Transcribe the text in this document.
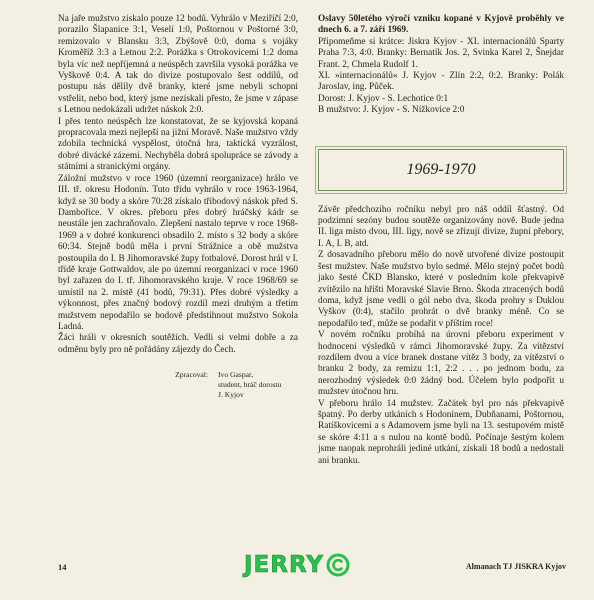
Na jaře mužstvo získalo pouze 12 bodů. Vyhrálo v Meziříčí 2:0, porazilo Šlapanice 3:1, Veselí 1:0, Poštornou v Poštorné 3:0, remizovalo v Blansku 3:3, Zbýšově 0:0, doma s vojáky Kroměříž 3:3 a Letnou 2:2. Porážka s Otrokovicemi 1:2 doma byla víc než nepříjemná a neúspěch završila vysoká porážka ve Vyškově 0:4. A tak do divize postupovalo šest oddílů, od postupu nás dělily dvě branky, které jsme nebyli schopni vstřelit, nebo bod, který jsme nezískali přesto, že jsme v zápase s Letnou nedokázali udržet náskok 2:0.

I přes tento neúspěch lze konstatovat, že se kyjovská kopaná propracovala mezi nejlepší na jižní Moravě. Naše mužstvo vždy zdobila technická vyspělost, útočná hra, taktická vyzrálost, dobré divácké zázemí. Nechyběla dobrá spolupráce se závody a státními a stranickými orgány.

Záložní mužstvo v roce 1960 (územní reorganizace) hrálo ve III. tř. okresu Hodonín. Tuto třídu vyhrálo v roce 1963-1964, když se 30 body a skóre 70:28 získalo třibodový náskok před S. Dambořice. V okres. přeboru přes dobrý hráčský kádr se neustále jen zachraňovalo. Zlepšení nastalo teprve v roce 1968-1969 a v dobré konkurenci obsadilo 2. místo s 32 body a skóre 60:34. Stejně bodů měla i první Strážnice a obě mužstva postoupila do I. B Jihomoravské župy fotbalové. Dorost hrál v I. třídě kraje Gottwaldov, ale po územní reorganizaci v roce 1960 byl zařazen do I. tř. Jihomoravského kraje. V roce 1968/69 se umístil na 2. místě (41 bodů, 79:31). Přes dobré výsledky a výkonnost, přes značný bodový rozdíl mezi druhým a třetím mužstvem nepodařilo se bodově předstihnout mužstvo Sokola Ladná.

Žáci hráli v okresních soutěžích. Vedli si velmi dobře a za odměnu byly pro ně pořádány zájezdy do Čech.

Zpracoval: Ivo Gaspar,
student, hráč dorostu
J. Kyjov

Oslavy 50letého výročí vzniku kopané v Kyjově proběhly ve dnech 6. a 7. září 1969.

Připomeňme si krátce: Jiskra Kyjov - XI. internacionálů Sparty Praha 7:3, 4:0. Branky: Bernatík Jos. 2, Svinka Karel 2, Šnejdar Frant. 2, Chmela Rudolf 1.

XI. »internacionálů« J. Kyjov - Zlín 2:2, 0:2. Branky: Polák Jaroslav, ing. Půček.

Dorost: J. Kyjov - S. Lechotice 0:1

B mužstvo: J. Kyjov - S. Nížkovice 2:0

1969-1970

Závěr předchozího ročníku nebyl pro náš oddíl šťastný. Od podzimní sezóny budou soutěže organizovány nově. Bude jedna II. liga místo dvou, III. ligy, nově se zřizují divize, župní přebory, I. A, I. B, atd.

Z dosavadního přeboru mělo do nově utvořené divize postoupit šest mužstev. Naše mužstvo bylo sedmé. Mělo stejný počet bodů jako šesté ČKD Blansko, které v posledním kole překvapivě zvítězilo na hřišti Moravské Slavie Brno. Škoda ztracených bodů doma, když jsme vedli o gól nebo dva, škoda prohry s Duklou Vyškov (0:4), stačilo prohrát o dvě branky méně. Co se nepodařilo teď, může se podařit v příštím roce!

V novém ročníku probíhá na úrovni přeboru experiment v hodnocení výsledků v rámci Jihomoravské župy. Za vítězství rozdílem dvou a více branek dostane vítěz 3 body, za vítězství o branku 2 body, za remizu 1:1, 2:2 . . . po jednom bodu, za nerozhodný výsledek 0:0 žádný bod. Účelem bylo podpořit u mužstev útočnou hru.

V přeboru hrálo 14 mužstev. Začátek byl pro nás překvapivě špatný. Po derby utkáních s Hodonínem, Dubňanami, Poštornou, Ratíškovicemi a s Adamovem jsme byli na 13. sestupovém místě se skóre 4:11 a s nulou na kontě bodů. Počínaje šestým kolem jsme naopak neprohráli jediné utkání, získali 18 bodů a nedostali ani branku.

14	JERRY	Almanach TJ JISKRA Kyjov
